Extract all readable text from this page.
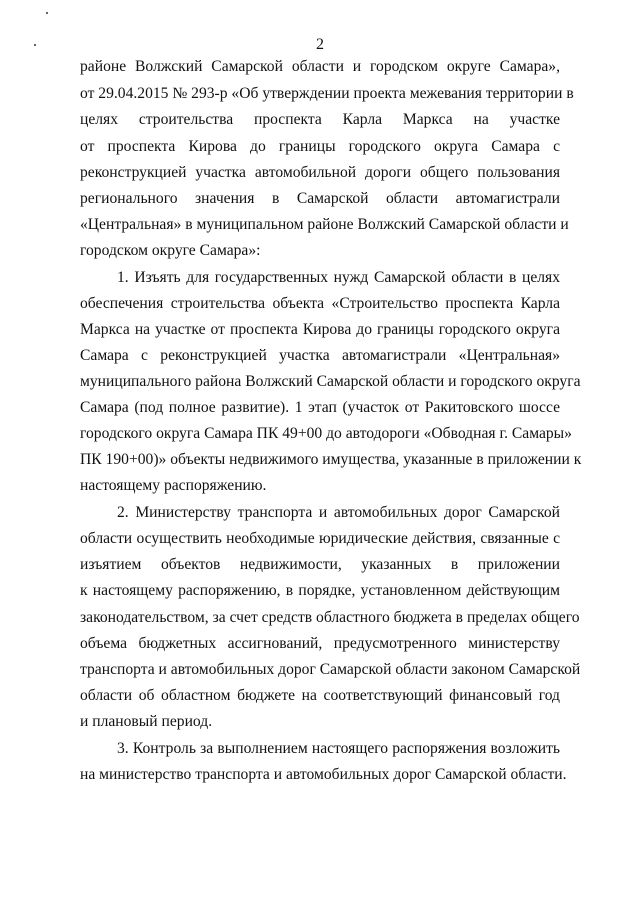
2
районе Волжский Самарской области и городском округе Самара»,
от 29.04.2015 № 293-р «Об утверждении проекта межевания территории в
целях строительства проспекта Карла Маркса на участке
от проспекта Кирова до границы городского округа Самара с
реконструкцией участка автомобильной дороги общего пользования
регионального значения в Самарской области автомагистрали
«Центральная» в муниципальном районе Волжский Самарской области и
городском округе Самара»:
1. Изъять для государственных нужд Самарской области в целях
обеспечения строительства объекта «Строительство проспекта Карла
Маркса на участке от проспекта Кирова до границы городского округа
Самара с реконструкцией участка автомагистрали «Центральная»
муниципального района Волжский Самарской области и городского округа
Самара (под полное развитие). 1 этап (участок от Ракитовского шоссе
городского округа Самара ПК 49+00 до автодороги «Обводная г. Самары»
ПК 190+00)» объекты недвижимого имущества, указанные в приложении к
настоящему распоряжению.
2. Министерству транспорта и автомобильных дорог Самарской
области осуществить необходимые юридические действия, связанные с
изъятием объектов недвижимости, указанных в приложении
к настоящему распоряжению, в порядке, установленном действующим
законодательством, за счет средств областного бюджета в пределах общего
объема бюджетных ассигнований, предусмотренного министерству
транспорта и автомобильных дорог Самарской области законом Самарской
области об областном бюджете на соответствующий финансовый год
и плановый период.
3. Контроль за выполнением настоящего распоряжения возложить
на министерство транспорта и автомобильных дорог Самарской области.
